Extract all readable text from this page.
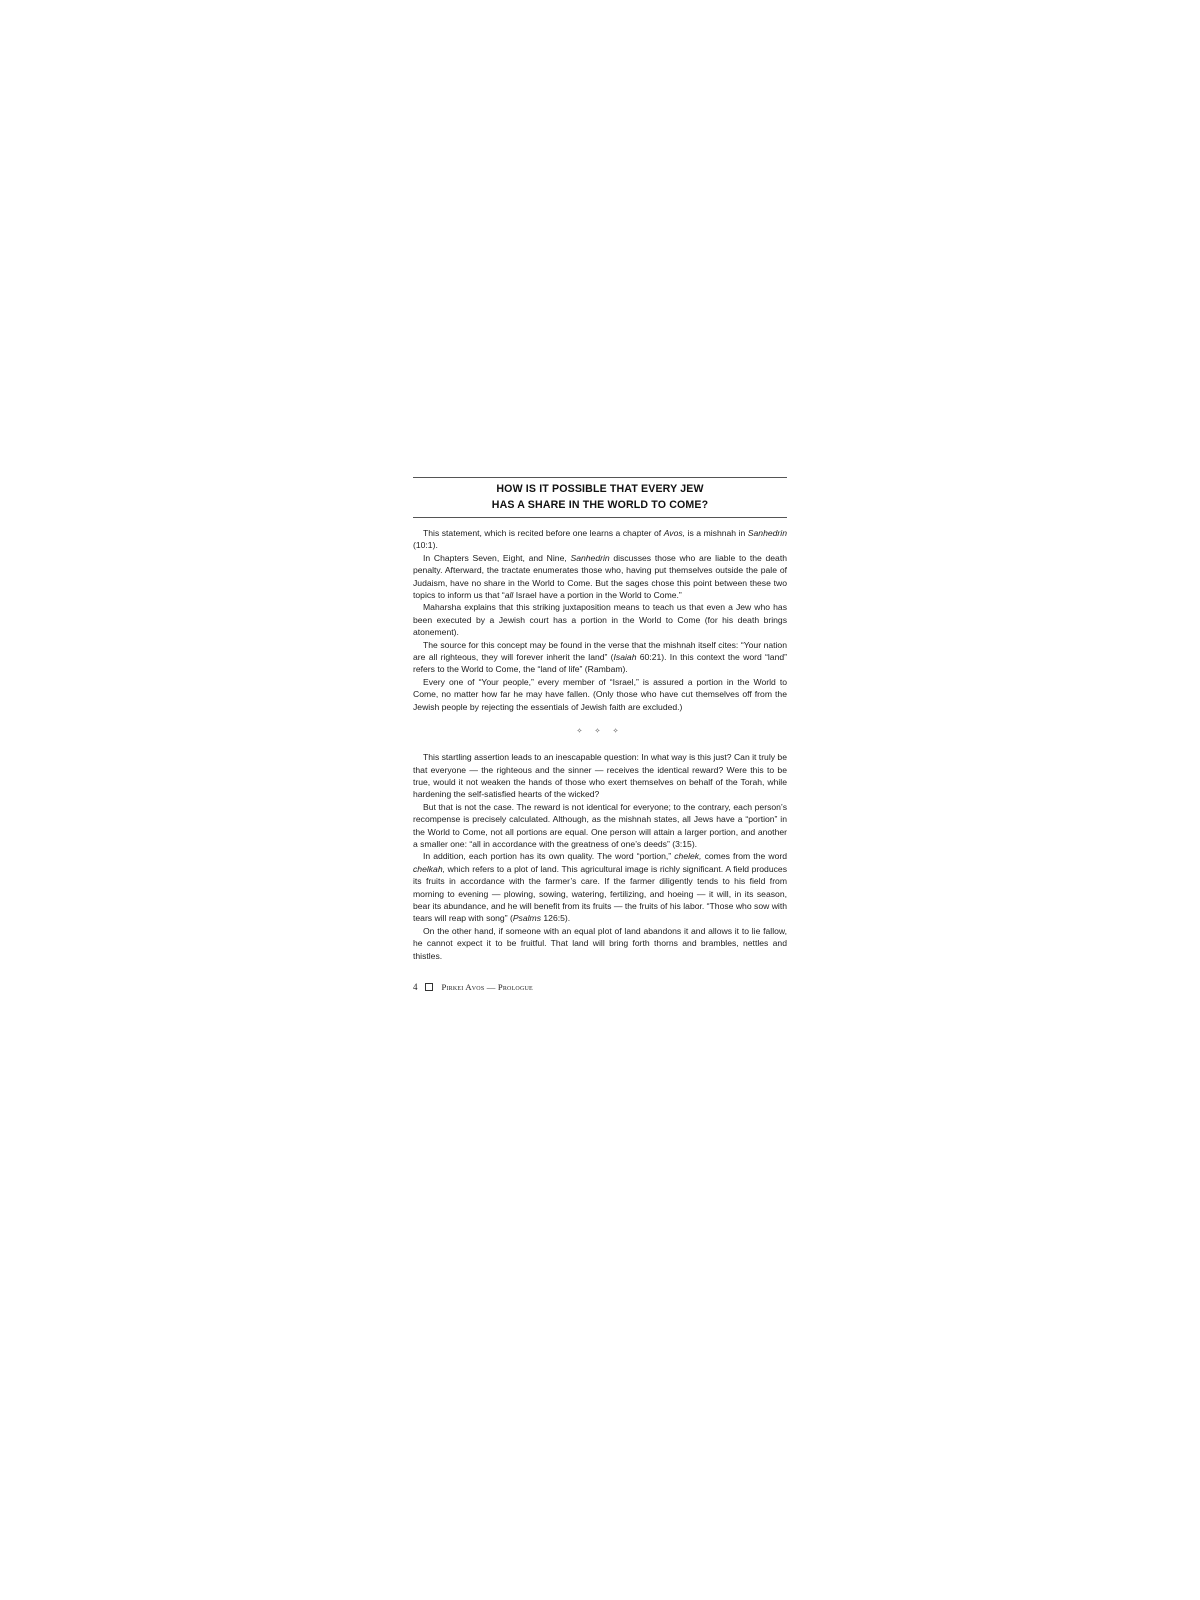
HOW IS IT POSSIBLE THAT EVERY JEW
HAS A SHARE IN THE WORLD TO COME?

This statement, which is recited before one learns a chapter of Avos, is a mishnah in Sanhedrin (10:1).

In Chapters Seven, Eight, and Nine, Sanhedrin discusses those who are liable to the death penalty. Afterward, the tractate enumerates those who, having put themselves outside the pale of Judaism, have no share in the World to Come. But the sages chose this point between these two topics to inform us that “all Israel have a portion in the World to Come.”

Maharsha explains that this striking juxtaposition means to teach us that even a Jew who has been executed by a Jewish court has a portion in the World to Come (for his death brings atonement).

The source for this concept may be found in the verse that the mishnah itself cites: “Your nation are all righteous, they will forever inherit the land” (Isaiah 60:21). In this context the word “land” refers to the World to Come, the “land of life” (Rambam).

Every one of “Your people,” every member of “Israel,” is assured a portion in the World to Come, no matter how far he may have fallen. (Only those who have cut themselves off from the Jewish people by rejecting the essentials of Jewish faith are excluded.)

✧ ✧ ✧

This startling assertion leads to an inescapable question: In what way is this just? Can it truly be that everyone — the righteous and the sinner — receives the identical reward? Were this to be true, would it not weaken the hands of those who exert themselves on behalf of the Torah, while hardening the self-satisfied hearts of the wicked?

But that is not the case. The reward is not identical for everyone; to the contrary, each person’s recompense is precisely calculated. Although, as the mishnah states, all Jews have a “portion” in the World to Come, not all portions are equal. One person will attain a larger portion, and another a smaller one: “all in accordance with the greatness of one’s deeds” (3:15).

In addition, each portion has its own quality. The word “portion,” chelek, comes from the word chelkah, which refers to a plot of land. This agricultural image is richly significant. A field produces its fruits in accordance with the farmer’s care. If the farmer diligently tends to his field from morning to evening — plowing, sowing, watering, fertilizing, and hoeing — it will, in its season, bear its abundance, and he will benefit from its fruits — the fruits of his labor. “Those who sow with tears will reap with song” (Psalms 126:5).

On the other hand, if someone with an equal plot of land abandons it and allows it to lie fallow, he cannot expect it to be fruitful. That land will bring forth thorns and brambles, nettles and thistles.

4	Pirkei Avos — Prologue
